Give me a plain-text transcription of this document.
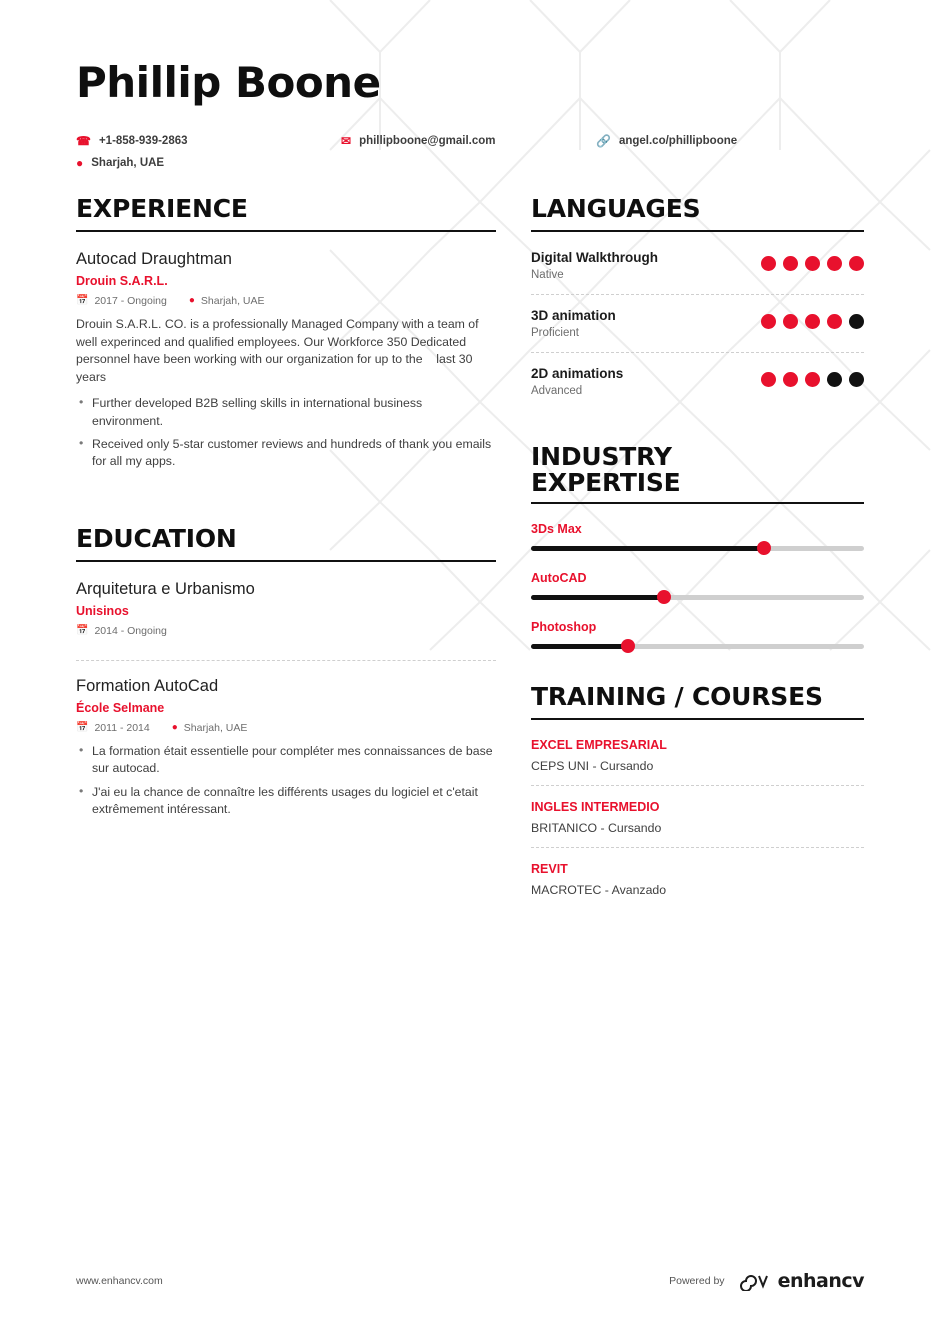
Phillip Boone
☎ +1-858-939-2863	✉ phillipboone@gmail.com	🔗 angel.co/phillipboone
● Sharjah, UAE
EXPERIENCE
Autocad Draughtman
Drouin S.A.R.L.
📅 2017 - Ongoing ● Sharjah, UAE

Drouin S.A.R.L. CO. is a professionally Managed Company with a team of well experinced and qualified employees. Our Workforce 350 Dedicated personnel have been working with our organization for up to the    last 30   years

• Further developed B2B selling skills in international business environment.
• Received only 5-star customer reviews and hundreds of thank you emails for all my apps.
EDUCATION
Arquitetura e Urbanismo
Unisinos
📅 2014 - Ongoing
Formation AutoCad
École Selmane
📅 2011 - 2014 ● Sharjah, UAE
• La formation était essentielle pour compléter mes connaissances de base sur autocad.
• J'ai eu la chance de connaître les différents usages du logiciel et c'etait extrêmement intéressant.
LANGUAGES
Digital Walkthrough
Native
3D animation
Proficient
2D animations
Advanced
INDUSTRY
EXPERTISE
3Ds Max
AutoCAD
Photoshop
TRAINING / COURSES
EXCEL EMPRESARIAL
CEPS UNI - Cursando
INGLES INTERMEDIO
BRITANICO - Cursando
REVIT
MACROTEC - Avanzado
www.enhancv.com	Powered by	enhancv
